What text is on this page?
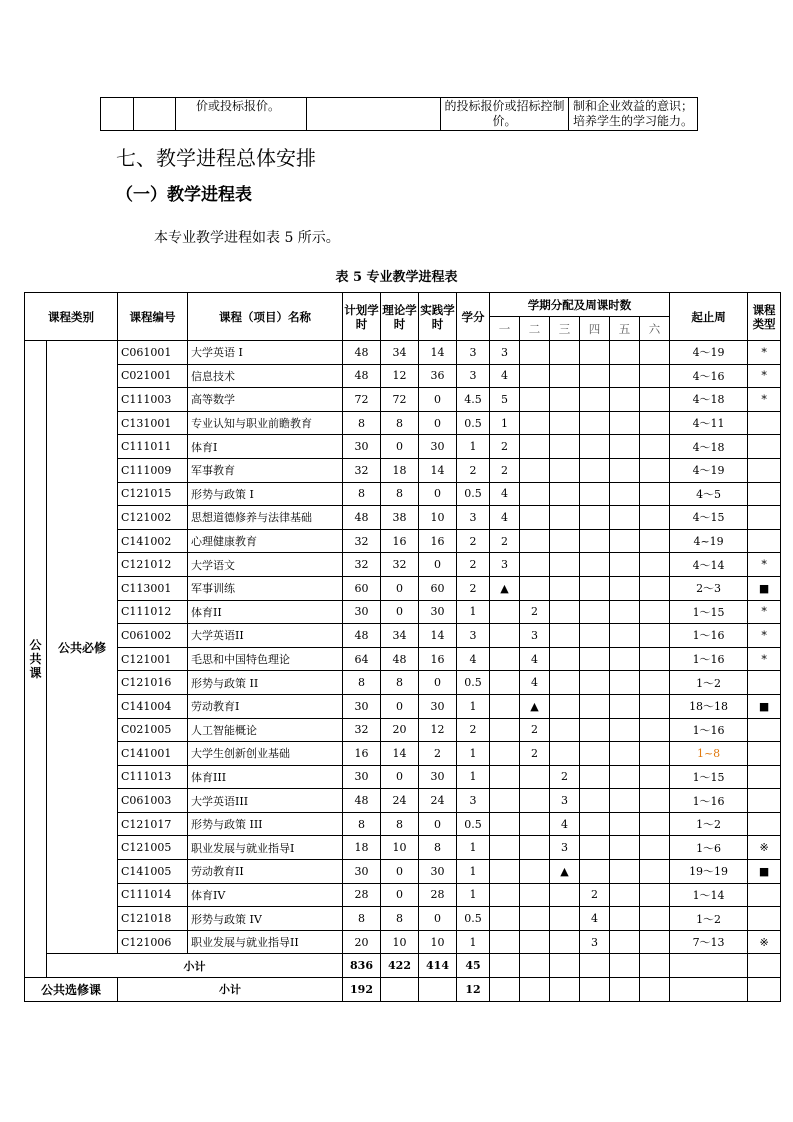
		价或投标报价。		的投标报价或招标控制价。	制和企业效益的意识；培养学生的学习能力。
七、教学进程总体安排
（一）教学进程表
本专业教学进程如表 5 所示。
表 5 专业教学进程表
课程类别		课程编号	课程（项目）名称	计划学时	理论学时	实践学时	学分	学期分配及周课时数						起止周	课程类型
								一	二	三	四	五	六		
公共课	公共必修	C061001	大学英语 I	48	34	14	3	3						4～19	*
		C021001	信息技术	48	12	36	3	4						4～16	*
		C111003	高等数学	72	72	0	4.5	5						4～18	*
		C131001	专业认知与职业前瞻教育	8	8	0	0.5	1						4～11	
		C111011	体育I	30	0	30	1	2						4～18	
		C111009	军事教育	32	18	14	2	2						4～19	
		C121015	形势与政策 I	8	8	0	0.5	4						4～5	
		C121002	思想道德修养与法律基础	48	38	10	3	4						4～15	
		C141002	心理健康教育	32	16	16	2	2						4~19	
		C121012	大学语文	32	32	0	2	3						4～14	*
		C113001	军事训练	60	0	60	2	▲						2～3	■
		C111012	体育II	30	0	30	1		2					1～15	*
		C061002	大学英语II	48	34	14	3		3					1～16	*
		C121001	毛思和中国特色理论	64	48	16	4		4					1～16	*
		C121016	形势与政策 II	8	8	0	0.5		4					1～2	
		C141004	劳动教育I	30	0	30	1		▲					18～18	■
		C021005	人工智能概论	32	20	12	2		2					1～16	
		C141001	大学生创新创业基础	16	14	2	1		2					1~8	
		C111013	体育III	30	0	30	1			2				1～15	
		C061003	大学英语III	48	24	24	3			3				1～16	
		C121017	形势与政策 III	8	8	0	0.5			4				1～2	
		C121005	职业发展与就业指导I	18	10	8	1			3				1～6	※
		C141005	劳动教育II	30	0	30	1			▲				19～19	■
		C111014	体育IV	28	0	28	1				2			1～14	
		C121018	形势与政策 IV	8	8	0	0.5				4			1～2	
		C121006	职业发展与就业指导II	20	10	10	1				3			7～13	※
	小计			836	422	414	45								
公共选修课		小计		192			12								
